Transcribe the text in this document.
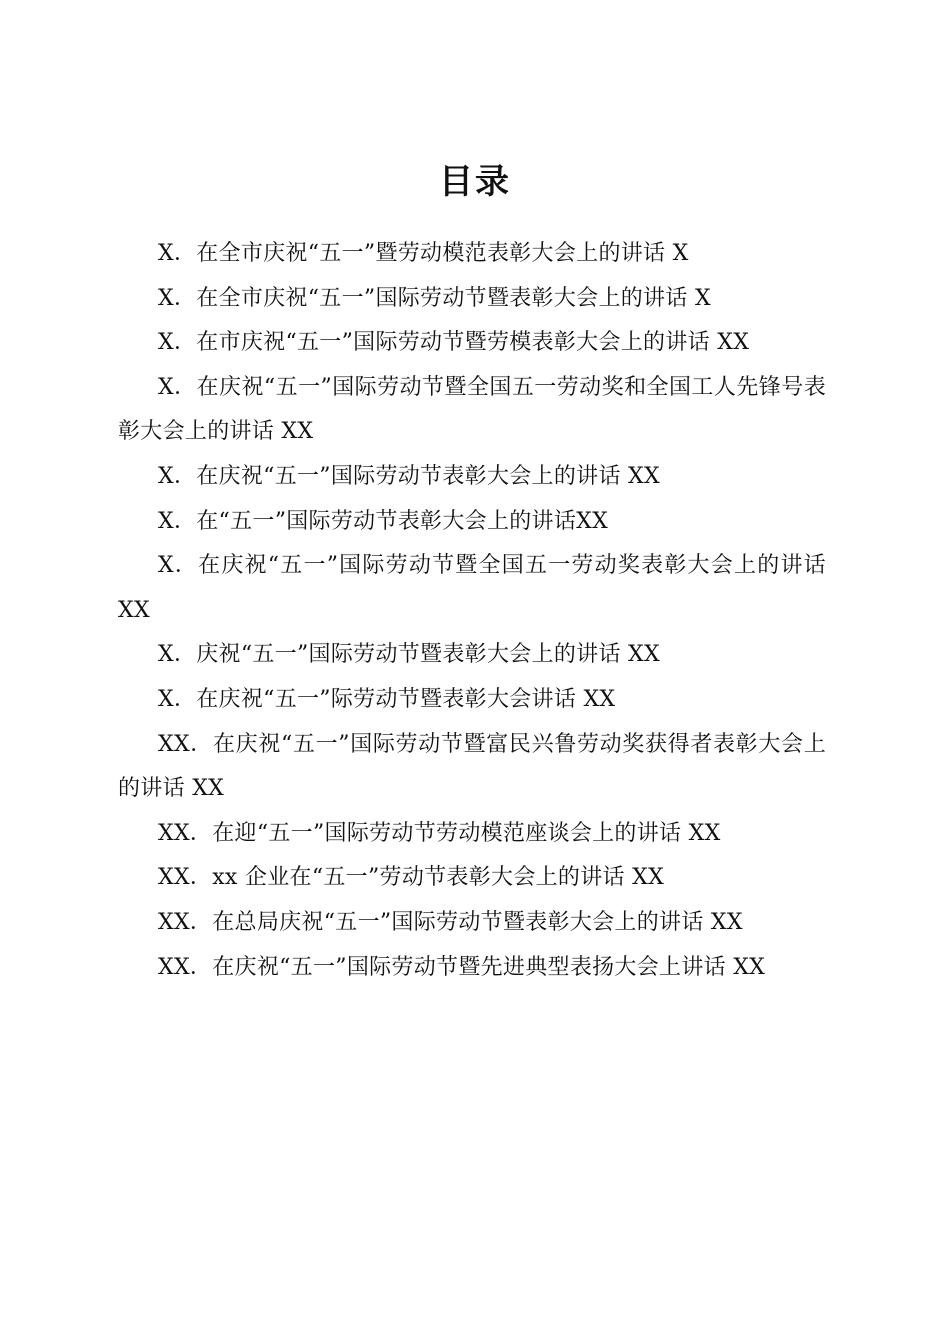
目录
X．在全市庆祝“五一”暨劳动模范表彰大会上的讲话 X
X．在全市庆祝“五一”国际劳动节暨表彰大会上的讲话 X
X．在市庆祝“五一”国际劳动节暨劳模表彰大会上的讲话 XX
X．在庆祝“五一”国际劳动节暨全国五一劳动奖和全国工人先锋号表彰大会上的讲话 XX
X．在庆祝“五一”国际劳动节表彰大会上的讲话 XX
X．在“五一”国际劳动节表彰大会上的讲话XX
X．在庆祝“五一”国际劳动节暨全国五一劳动奖表彰大会上的讲话 XX
X．庆祝“五一”国际劳动节暨表彰大会上的讲话 XX
X．在庆祝“五一”际劳动节暨表彰大会讲话 XX
XX．在庆祝“五一”国际劳动节暨富民兴鲁劳动奖获得者表彰大会上的讲话 XX
XX．在迎“五一”国际劳动节劳动模范座谈会上的讲话 XX
XX．xx 企业在“五一”劳动节表彰大会上的讲话 XX
XX．在总局庆祝“五一”国际劳动节暨表彰大会上的讲话 XX
XX．在庆祝“五一”国际劳动节暨先进典型表扬大会上讲话 XX
